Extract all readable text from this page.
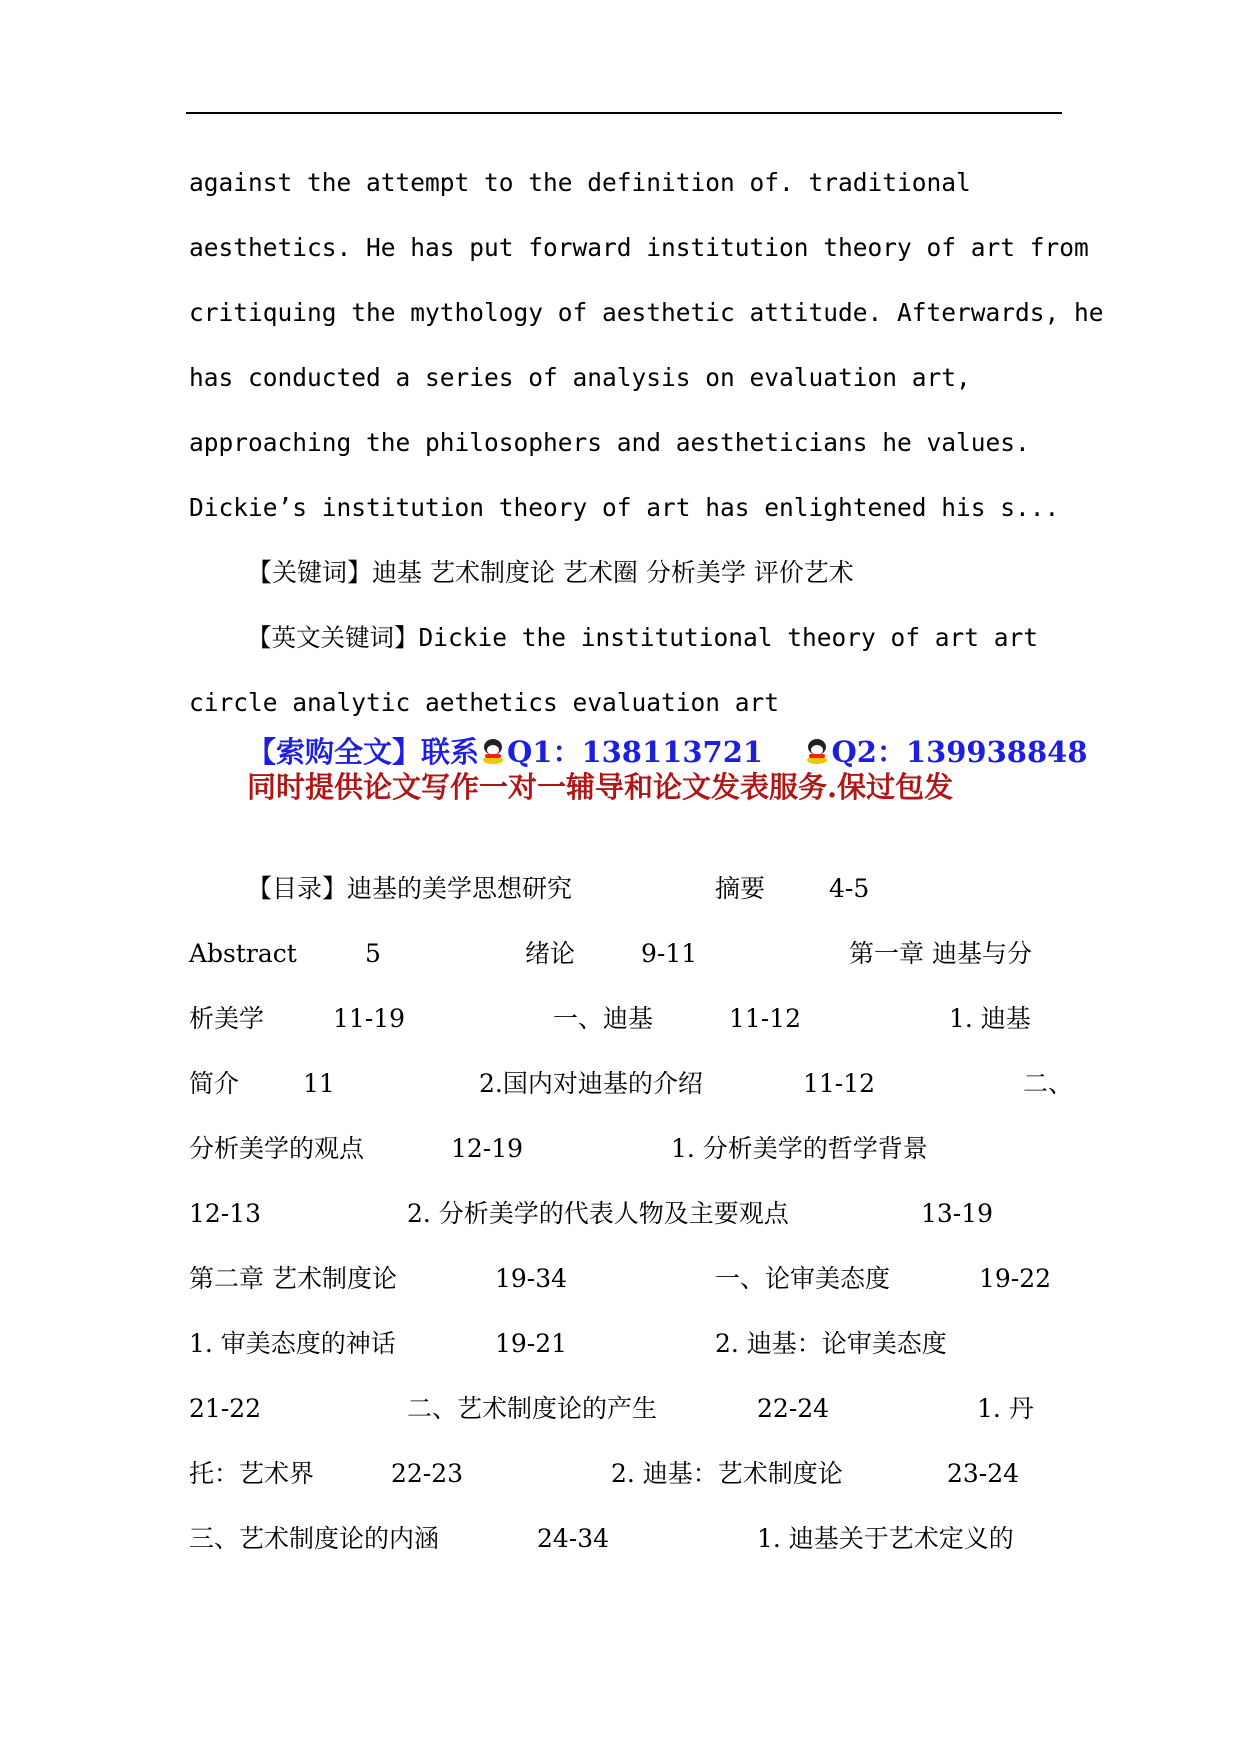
against the attempt to the definition of. traditional
aesthetics. He has put forward institution theory of art from
critiquing the mythology of aesthetic attitude. Afterwards, he
has conducted a series of analysis on evaluation art,
approaching the philosophers and aestheticians he values.
Dickie’s institution theory of art has enlightened his s...
【关键词】迪基 艺术制度论 艺术圈 分析美学 评价艺术
【英文关键词】Dickie the institutional theory of art art
circle analytic aethetics evaluation art
【索购全文】联系 Q1：138113721 Q2：139938848
同时提供论文写作一对一辅导和论文发表服务.保过包发
【目录】迪基的美学思想研究	摘要	4-5
Abstract	5	绪论	9-11	第一章 迪基与分
析美学	11-19	一、迪基	11-12	1. 迪基
简介	11	2.国内对迪基的介绍	11-12	二、
分析美学的观点	12-19	1. 分析美学的哲学背景
12-13	2. 分析美学的代表人物及主要观点	13-19
第二章 艺术制度论	19-34	一、论审美态度	19-22
1. 审美态度的神话	19-21	2. 迪基：论审美态度
21-22	二、艺术制度论的产生	22-24	1. 丹
托：艺术界	22-23	2. 迪基：艺术制度论	23-24
三、艺术制度论的内涵	24-34	1. 迪基关于艺术定义的
